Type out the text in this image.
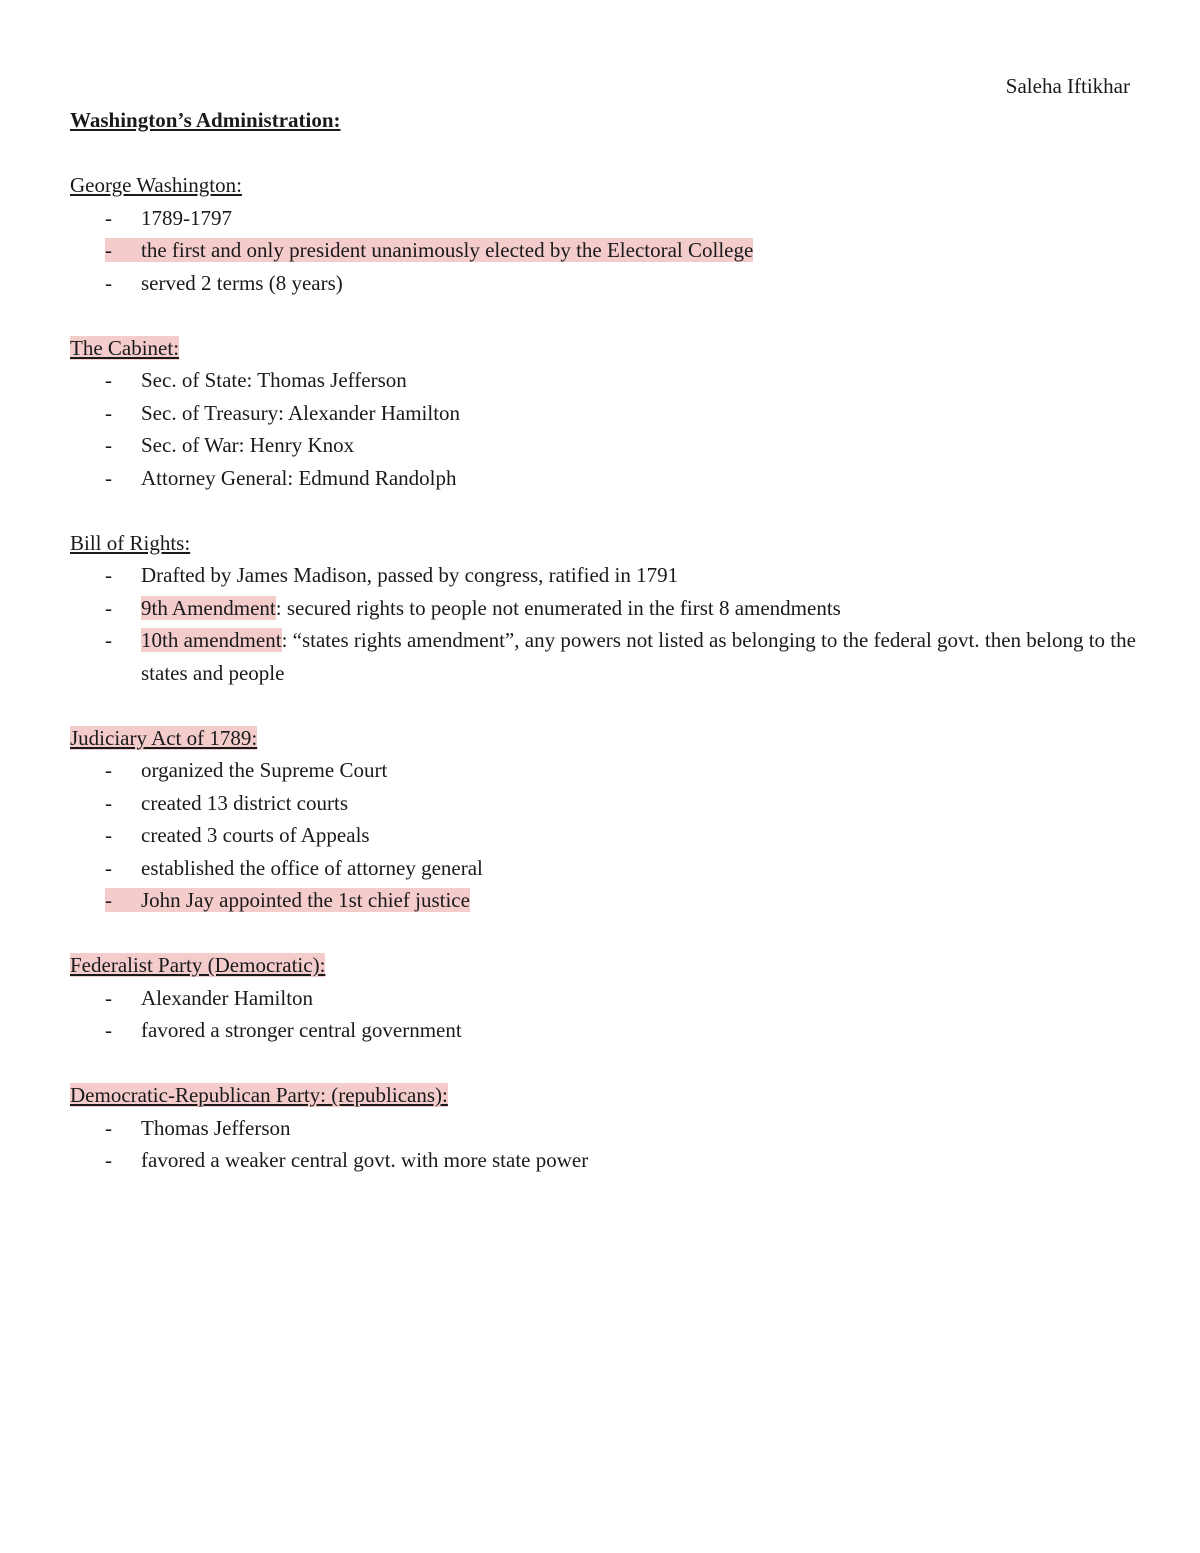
Saleha Iftikhar

Washington’s Administration:

George Washington:

- 1789-1797
- the first and only president unanimously elected by the Electoral College
- served 2 terms (8 years)

The Cabinet:

- Sec. of State: Thomas Jefferson
- Sec. of Treasury: Alexander Hamilton
- Sec. of War: Henry Knox
- Attorney General: Edmund Randolph

Bill of Rights:

- Drafted by James Madison, passed by congress, ratified in 1791
- 9th Amendment: secured rights to people not enumerated in the first 8 amendments
- 10th amendment: “states rights amendment”, any powers not listed as belonging to the federal govt. then belong to the states and people

Judiciary Act of 1789:

- organized the Supreme Court
- created 13 district courts
- created 3 courts of Appeals
- established the office of attorney general
- John Jay appointed the 1st chief justice

Federalist Party (Democratic):

- Alexander Hamilton
- favored a stronger central government

Democratic-Republican Party: (republicans):

- Thomas Jefferson
- favored a weaker central govt. with more state power
